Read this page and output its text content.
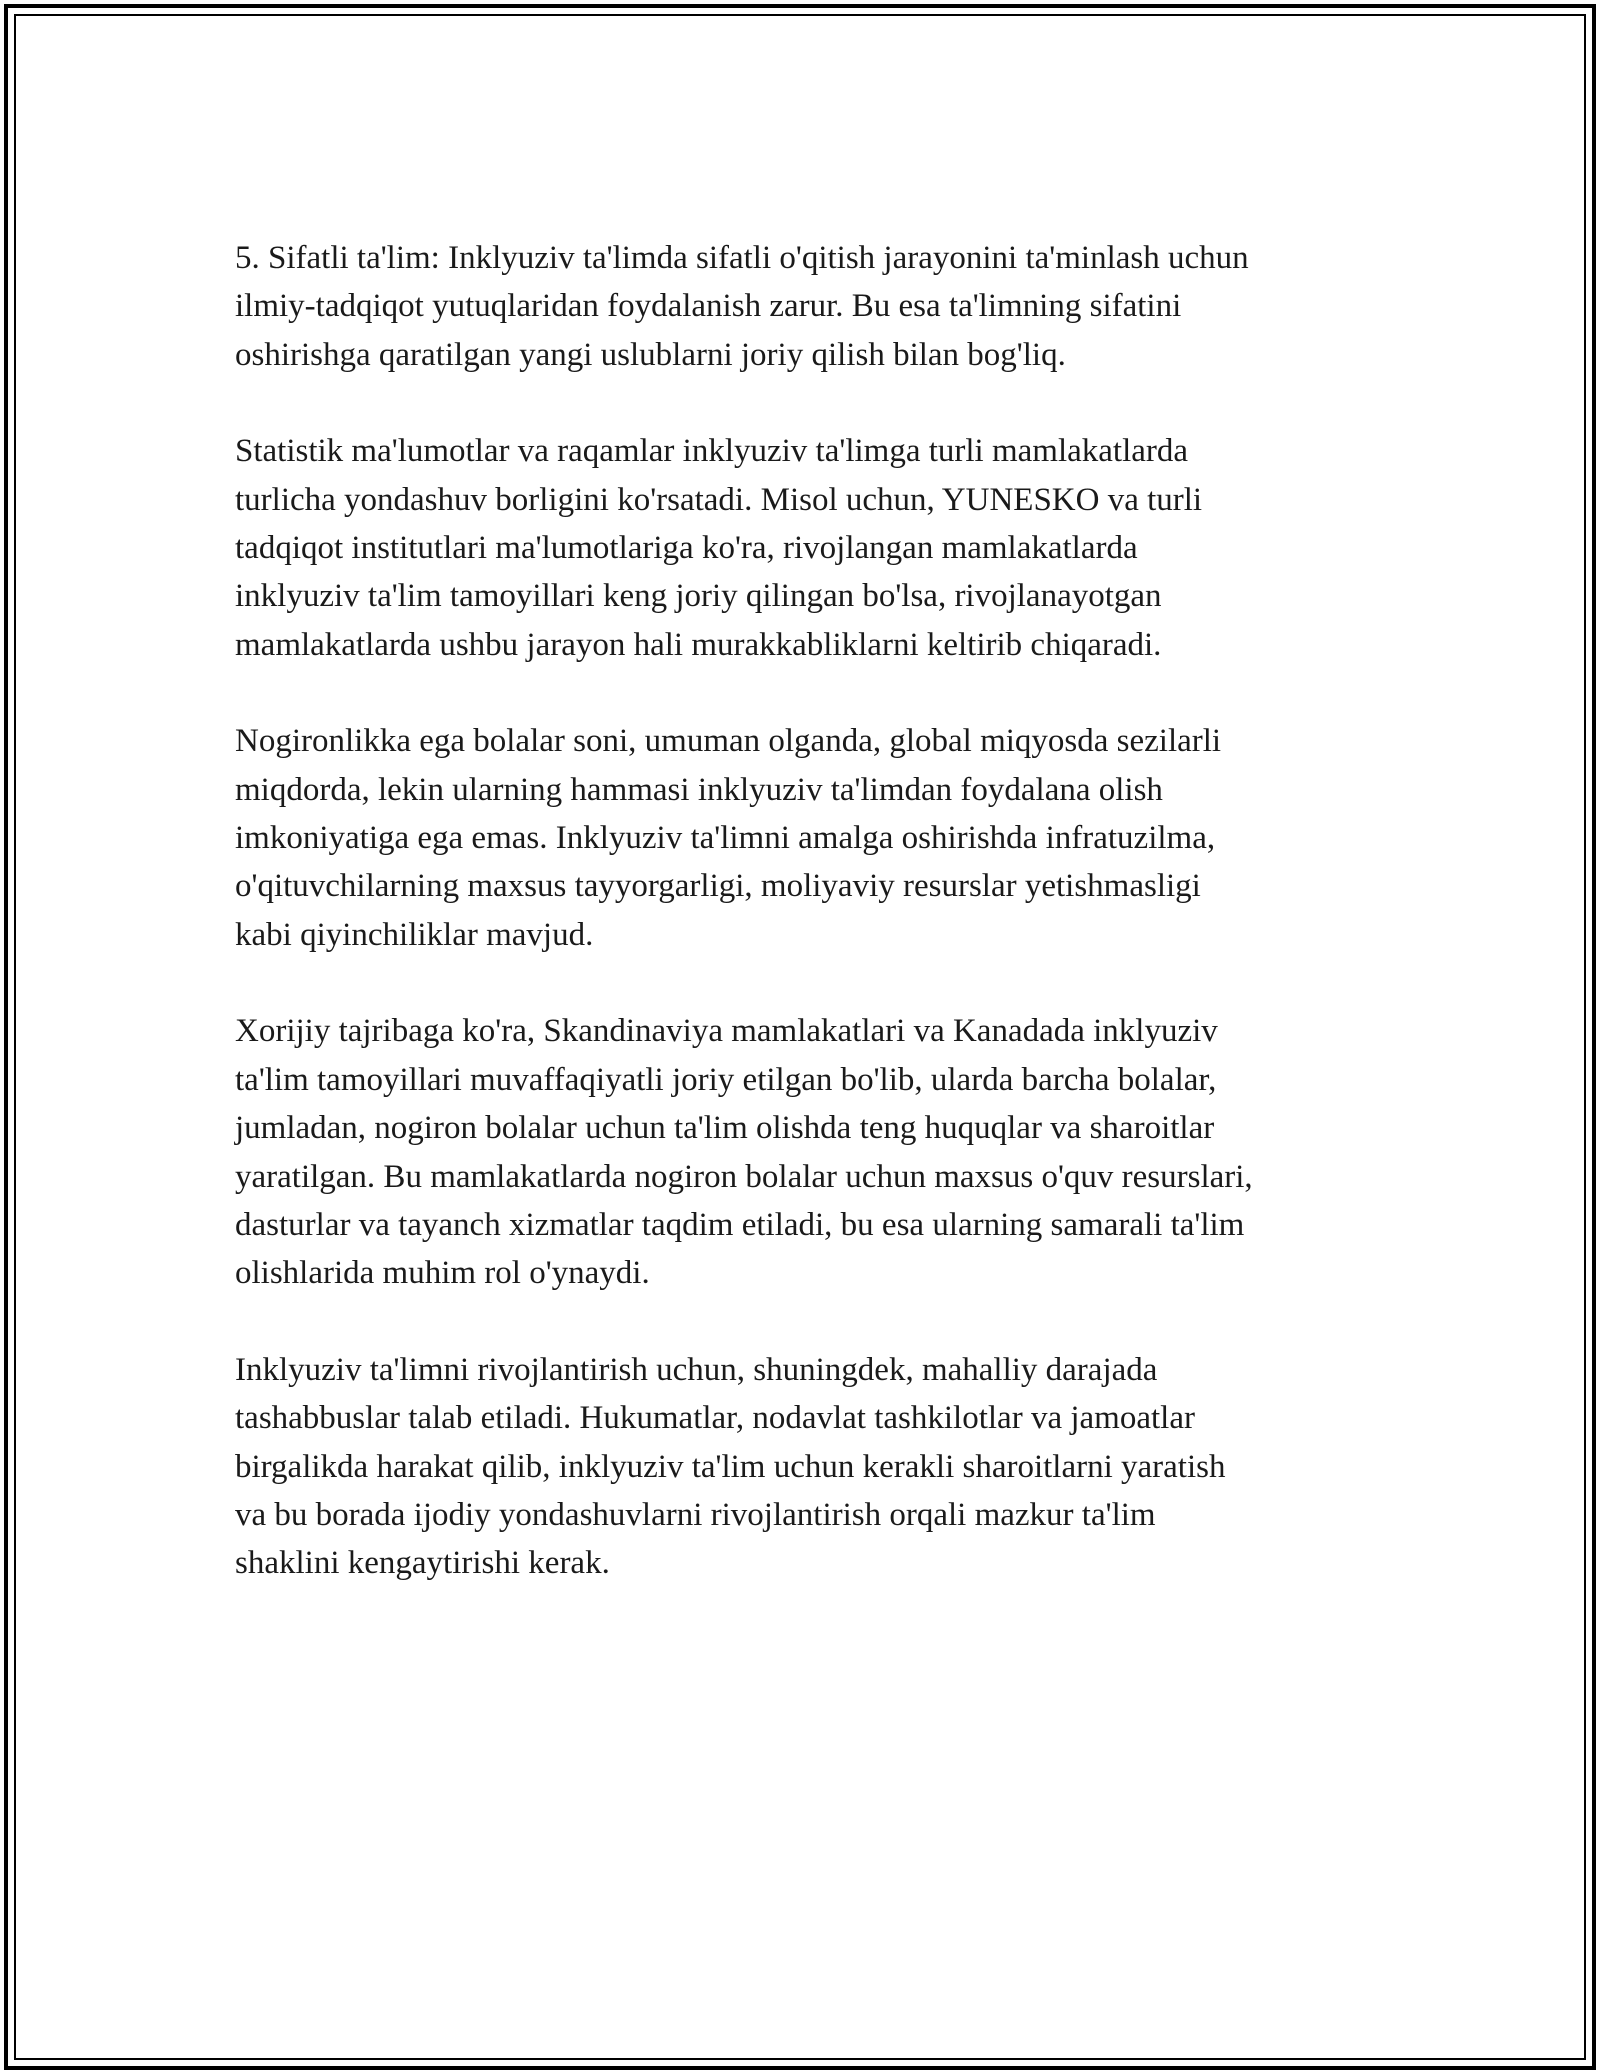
5. Sifatli ta'lim: Inklyuziv ta'limda sifatli o'qitish jarayonini ta'minlash uchun
ilmiy-tadqiqot yutuqlaridan foydalanish zarur. Bu esa ta'limning sifatini
oshirishga qaratilgan yangi uslublarni joriy qilish bilan bog'liq.

Statistik ma'lumotlar va raqamlar inklyuziv ta'limga turli mamlakatlarda
turlicha yondashuv borligini ko'rsatadi. Misol uchun, YUNESKO va turli
tadqiqot institutlari ma'lumotlariga ko'ra, rivojlangan mamlakatlarda
inklyuziv ta'lim tamoyillari keng joriy qilingan bo'lsa, rivojlanayotgan
mamlakatlarda ushbu jarayon hali murakkabliklarni keltirib chiqaradi.

Nogironlikka ega bolalar soni, umuman olganda, global miqyosda sezilarli
miqdorda, lekin ularning hammasi inklyuziv ta'limdan foydalana olish
imkoniyatiga ega emas. Inklyuziv ta'limni amalga oshirishda infratuzilma,
o'qituvchilarning maxsus tayyorgarligi, moliyaviy resurslar yetishmasligi
kabi qiyinchiliklar mavjud.

Xorijiy tajribaga ko'ra, Skandinaviya mamlakatlari va Kanadada inklyuziv
ta'lim tamoyillari muvaffaqiyatli joriy etilgan bo'lib, ularda barcha bolalar,
jumladan, nogiron bolalar uchun ta'lim olishda teng huquqlar va sharoitlar
yaratilgan. Bu mamlakatlarda nogiron bolalar uchun maxsus o'quv resurslari,
dasturlar va tayanch xizmatlar taqdim etiladi, bu esa ularning samarali ta'lim
olishlarida muhim rol o'ynaydi.

Inklyuziv ta'limni rivojlantirish uchun, shuningdek, mahalliy darajada
tashabbuslar talab etiladi. Hukumatlar, nodavlat tashkilotlar va jamoatlar
birgalikda harakat qilib, inklyuziv ta'lim uchun kerakli sharoitlarni yaratish
va bu borada ijodiy yondashuvlarni rivojlantirish orqali mazkur ta'lim
shaklini kengaytirishi kerak.
